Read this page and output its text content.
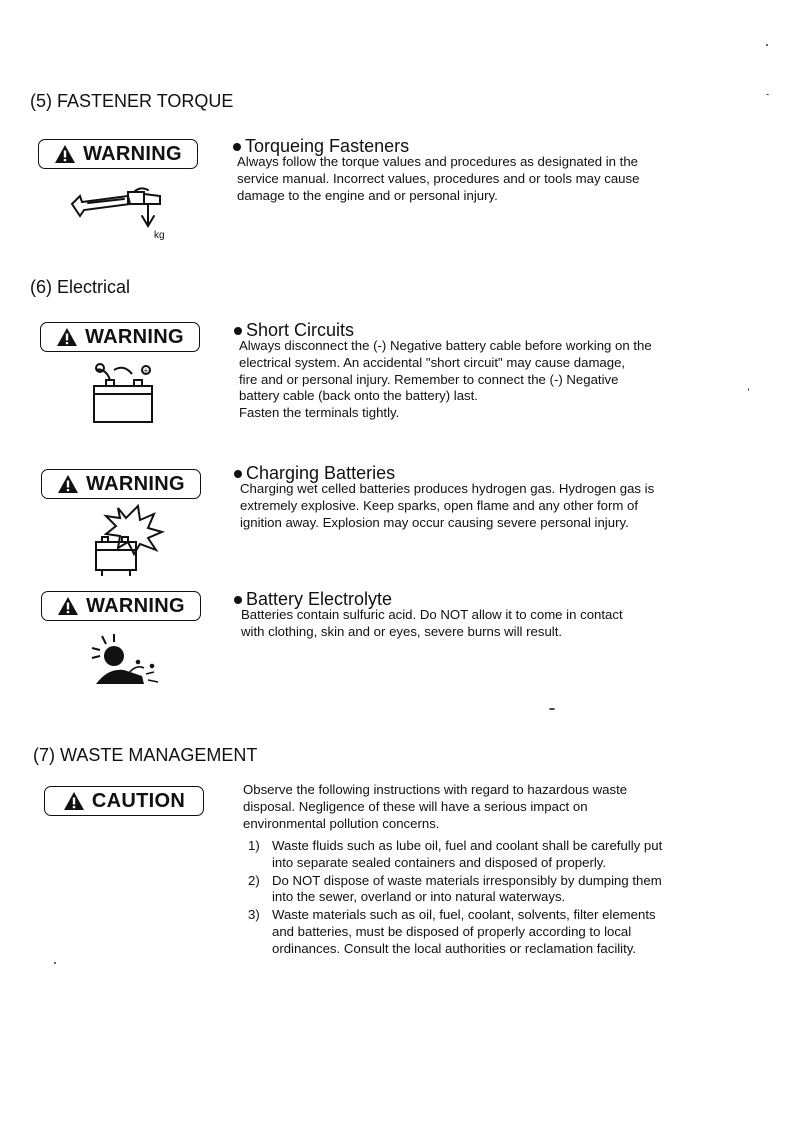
(5) FASTENER TORQUE
WARNING
kg
Torqueing Fasteners

Always follow the torque values and procedures as designated in the

service manual. Incorrect values, procedures and or tools may cause

damage to the engine and or personal injury.

(6) Electrical
WARNING
−	+
Short Circuits

Always disconnect the (-) Negative battery cable before working on the

electrical system. An accidental "short circuit" may cause damage,

fire and or personal injury. Remember to connect the (-) Negative

battery cable (back onto the battery) last.

Fasten the terminals tightly.

WARNING	Charging Batteries

Charging wet celled batteries produces hydrogen gas. Hydrogen gas is

extremely explosive. Keep sparks, open flame and any other form of

ignition away. Explosion may occur causing severe personal injury.

WARNING	Battery Electrolyte

Batteries contain sulfuric acid. Do NOT allow it to come in contact

with clothing, skin and or eyes, severe burns will result.

(7) WASTE MANAGEMENT
CAUTION	Observe the following instructions with regard to hazardous waste

disposal. Negligence of these will have a serious impact on

environmental pollution concerns.

1) Waste fluids such as lube oil, fuel and coolant shall be carefully put

into separate sealed containers and disposed of properly.

2) Do NOT dispose of waste materials irresponsibly by dumping them

into the sewer, overland or into natural waterways.

3) Waste materials such as oil, fuel, coolant, solvents, filter elements

and batteries, must be disposed of properly according to local

ordinances. Consult the local authorities or reclamation facility.
